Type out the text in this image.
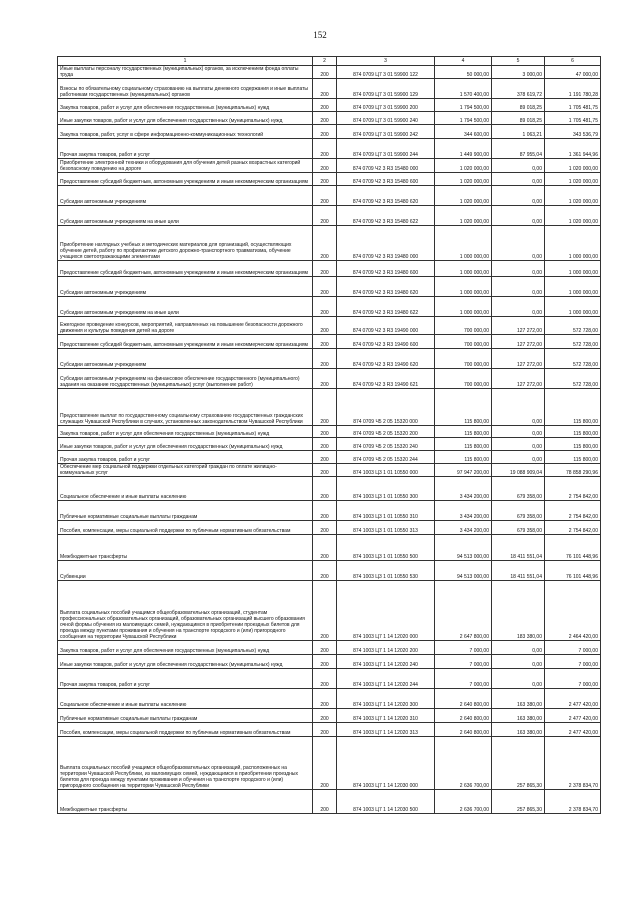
152
1	2	3	4	5	6
Иные выплаты персоналу государственных (муниципальных) органов, за исключением фонда оплаты труда	200	874 0709 Ц7 3 01 59900 122	50 000,00	3 000,00	47 000,00
Взносы по обязательному социальному страхованию на выплаты денежного содержания и иные выплаты работникам государственных (муниципальных) органов	200	874 0709 Ц7 3 01 59900 129	1 570 400,00	378 619,72	1 191 780,28
Закупка товаров, работ и услуг для обеспечения государственных (муниципальных) нужд	200	874 0709 Ц7 3 01 59900 200	1 794 500,00	89 018,25	1 705 481,75
Иные закупки товаров, работ и услуг для обеспечения государственных (муниципальных) нужд	200	874 0709 Ц7 3 01 59900 240	1 794 500,00	89 018,25	1 705 481,75
Закупка товаров, работ, услуг в сфере информационно-коммуникационных технологий	200	874 0709 Ц7 3 01 59900 242	344 600,00	1 063,21	343 536,79
Прочая закупка товаров, работ и услуг	200	874 0709 Ц7 3 01 59900 244	1 449 900,00	87 955,04	1 361 944,96
Приобретение электронной техники и оборудования для обучения детей разных возрастных категорий безопасному поведению на дороге	200	874 0709 Ч2 3 R3 15480 000	1 020 000,00	0,00	1 020 000,00
Предоставление субсидий бюджетным, автономным учреждениям и иным некоммерческим организациям	200	874 0709 Ч2 3 R3 15480 600	1 020 000,00	0,00	1 020 000,00
Субсидии автономным учреждениям	200	874 0709 Ч2 3 R3 15480 620	1 020 000,00	0,00	1 020 000,00
Субсидии автономным учреждениям на иные цели	200	874 0709 Ч2 3 R3 15480 622	1 020 000,00	0,00	1 020 000,00
Приобретение наглядных учебных и методических материалов для организаций, осуществляющих обучение детей, работу по профилактике детского дорожно-транспортного травматизма, обучение учащихся светоотражающими элементами	200	874 0709 Ч2 3 R3 19480 000	1 000 000,00	0,00	1 000 000,00
Предоставление субсидий бюджетным, автономным учреждениям и иным некоммерческим организациям	200	874 0709 Ч2 3 R3 19480 600	1 000 000,00	0,00	1 000 000,00
Субсидии автономным учреждениям	200	874 0709 Ч2 3 R3 19480 620	1 000 000,00	0,00	1 000 000,00
Субсидии автономным учреждениям на иные цели	200	874 0709 Ч2 3 R3 19480 622	1 000 000,00	0,00	1 000 000,00
Ежегодное проведение конкурсов, мероприятий, направленных на повышение безопасности дорожного движения и культуры поведения детей на дороге	200	874 0709 Ч2 3 R3 19490 000	700 000,00	127 272,00	572 728,00
Предоставление субсидий бюджетным, автономным учреждениям и иным некоммерческим организациям	200	874 0709 Ч2 3 R3 19490 600	700 000,00	127 272,00	572 728,00
Субсидии автономным учреждениям	200	874 0709 Ч2 3 R3 19490 620	700 000,00	127 272,00	572 728,00
Субсидии автономным учреждениям на финансовое обеспечение государственного (муниципального) задания на оказание государственных (муниципальных) услуг (выполнение работ)	200	874 0709 Ч2 3 R3 19490 621	700 000,00	127 272,00	572 728,00
Предоставление выплат по государственному социальному страхованию государственных гражданских служащих Чувашской Республики в случаях, установленных законодательством Чувашской Республики	200	874 0709 Ч5 2 05 15320 000	115 800,00	0,00	115 800,00
Закупка товаров, работ и услуг для обеспечения государственных (муниципальных) нужд	200	874 0709 Ч5 2 05 15320 200	115 800,00	0,00	115 800,00
Иные закупки товаров, работ и услуг для обеспечения государственных (муниципальных) нужд	200	874 0709 Ч5 2 05 15320 240	115 800,00	0,00	115 800,00
Прочая закупка товаров, работ и услуг	200	874 0709 Ч5 2 05 15320 244	115 800,00	0,00	115 800,00
Обеспечение мер социальной поддержки отдельных категорий граждан по оплате жилищно-коммунальных услуг	200	874 1003 Ц3 1 01 10550 000	97 947 200,00	19 088 909,04	78 858 290,96
Социальное обеспечение и иные выплаты населению	200	874 1003 Ц3 1 01 10550 300	3 434 200,00	679 358,00	2 754 842,00
Публичные нормативные социальные выплаты гражданам	200	874 1003 Ц3 1 01 10550 310	3 434 200,00	679 358,00	2 754 842,00
Пособия, компенсации, меры социальной поддержки по публичным нормативным обязательствам	200	874 1003 Ц3 1 01 10550 313	3 434 200,00	679 358,00	2 754 842,00
Межбюджетные трансферты	200	874 1003 Ц3 1 01 10550 500	94 513 000,00	18 411 551,04	76 101 448,96
Субвенции	200	874 1003 Ц3 1 01 10550 530	94 513 000,00	18 411 551,04	76 101 448,96
Выплата социальных пособий учащимся общеобразовательных организаций, студентам профессиональных образовательных организаций, образовательных организаций высшего образования очной формы обучения из малоимущих семей, нуждающимся в приобретении проездных билетов для проезда между пунктами проживания и обучения на транспорте городского и (или) пригородного сообщения на территории Чувашской Республики	200	874 1003 Ц7 1 14 12020 000	2 647 800,00	183 380,00	2 464 420,00
Закупка товаров, работ и услуг для обеспечения государственных (муниципальных) нужд	200	874 1003 Ц7 1 14 12020 200	7 000,00	0,00	7 000,00
Иные закупки товаров, работ и услуг для обеспечения государственных (муниципальных) нужд	200	874 1003 Ц7 1 14 12020 240	7 000,00	0,00	7 000,00
Прочая закупка товаров, работ и услуг	200	874 1003 Ц7 1 14 12020 244	7 000,00	0,00	7 000,00
Социальное обеспечение и иные выплаты населению	200	874 1003 Ц7 1 14 12020 300	2 640 800,00	163 380,00	2 477 420,00
Публичные нормативные социальные выплаты гражданам	200	874 1003 Ц7 1 14 12020 310	2 640 800,00	163 380,00	2 477 420,00
Пособия, компенсации, меры социальной поддержки по публичным нормативным обязательствам	200	874 1003 Ц7 1 14 12020 313	2 640 800,00	163 380,00	2 477 420,00
Выплата социальных пособий учащимся общеобразовательных организаций, расположенных на территории Чувашской Республики, из малоимущих семей, нуждающимся в приобретении проездных билетов для проезда между пунктами проживания и обучения на транспорте городского и (или) пригородного сообщения на территории Чувашской Республики	200	874 1003 Ц7 1 14 12030 000	2 636 700,00	257 865,30	2 378 834,70
Межбюджетные трансферты	200	874 1003 Ц7 1 14 12030 500	2 636 700,00	257 865,30	2 378 834,70
